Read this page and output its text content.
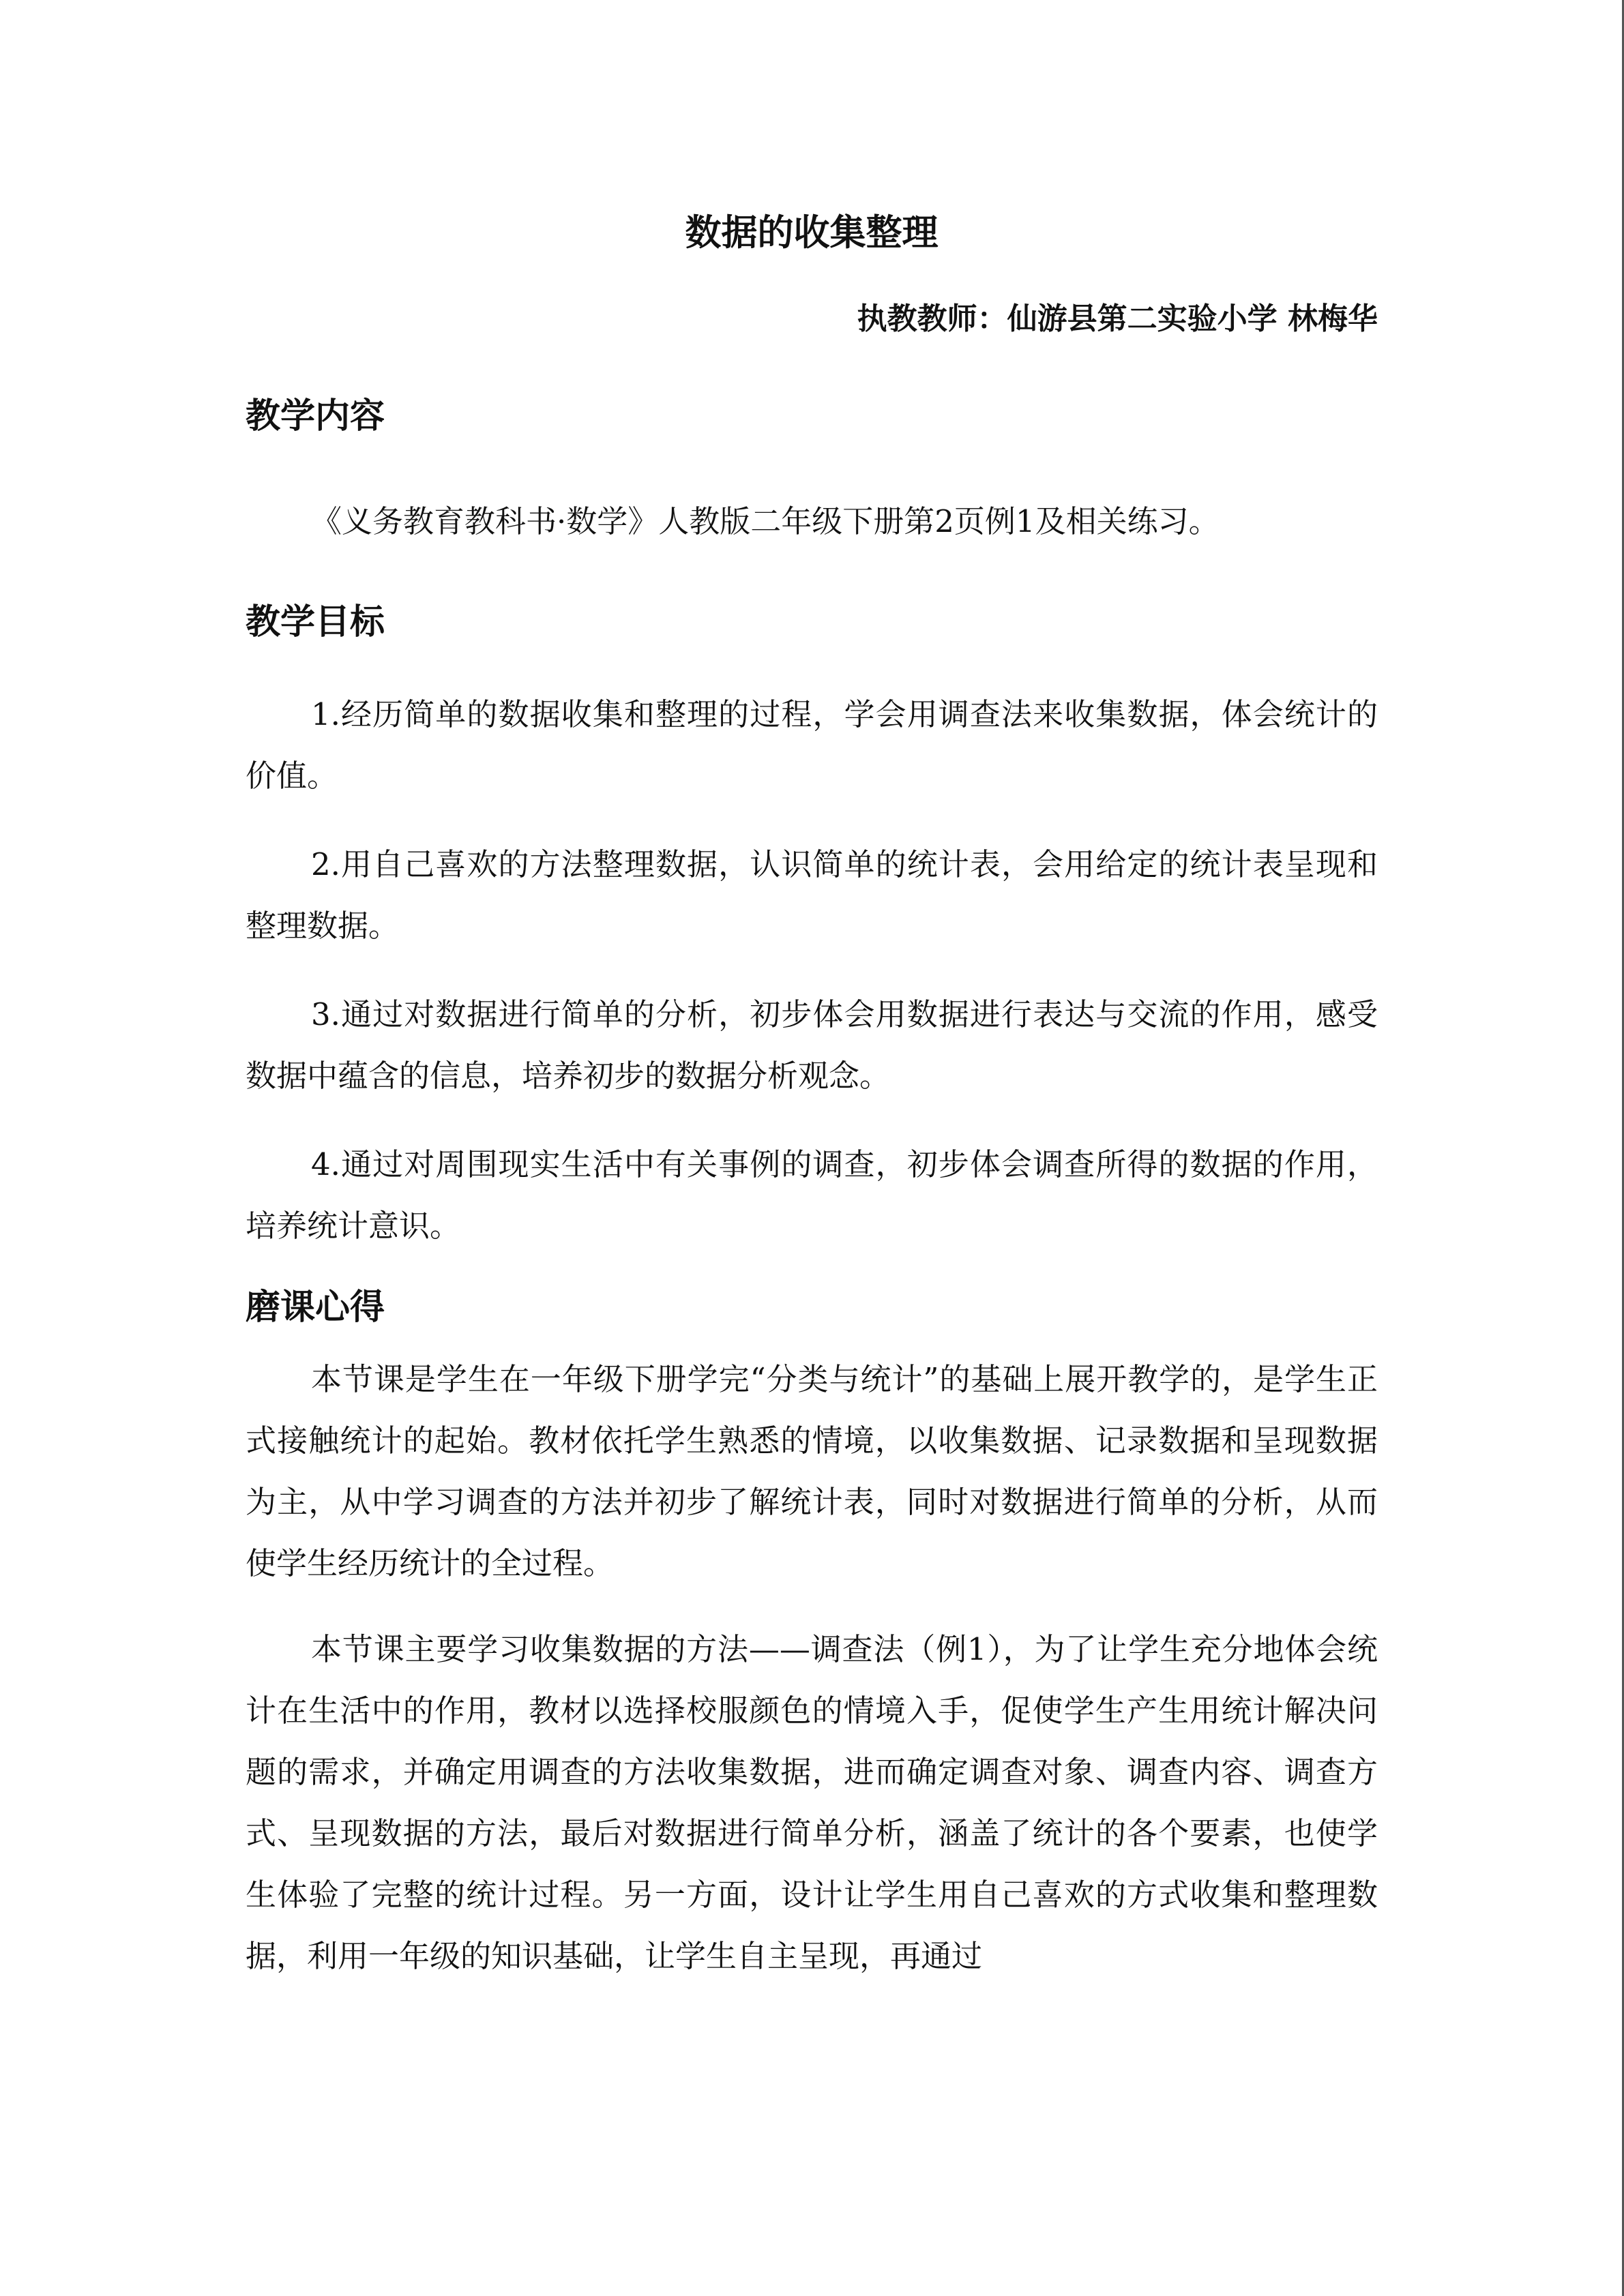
数据的收集整理
执教教师：仙游县第二实验小学 林梅华
教学内容

《义务教育教科书·数学》人教版二年级下册第2页例1及相关练习。

教学目标

1.经历简单的数据收集和整理的过程，学会用调查法来收集数据，体会统计的价值。

2.用自己喜欢的方法整理数据，认识简单的统计表，会用给定的统计表呈现和整理数据。

3.通过对数据进行简单的分析，初步体会用数据进行表达与交流的作用，感受数据中蕴含的信息，培养初步的数据分析观念。

4.通过对周围现实生活中有关事例的调查，初步体会调查所得的数据的作用，培养统计意识。

磨课心得

本节课是学生在一年级下册学完“分类与统计”的基础上展开教学的，是学生正式接触统计的起始。教材依托学生熟悉的情境，以收集数据、记录数据和呈现数据为主，从中学习调查的方法并初步了解统计表，同时对数据进行简单的分析，从而使学生经历统计的全过程。

本节课主要学习收集数据的方法——调查法（例1），为了让学生充分地体会统计在生活中的作用，教材以选择校服颜色的情境入手，促使学生产生用统计解决问题的需求，并确定用调查的方法收集数据，进而确定调查对象、调查内容、调查方式、呈现数据的方法，最后对数据进行简单分析，涵盖了统计的各个要素，也使学生体验了完整的统计过程。另一方面，设计让学生用自己喜欢的方式收集和整理数据，利用一年级的知识基础，让学生自主呈现，再通过
